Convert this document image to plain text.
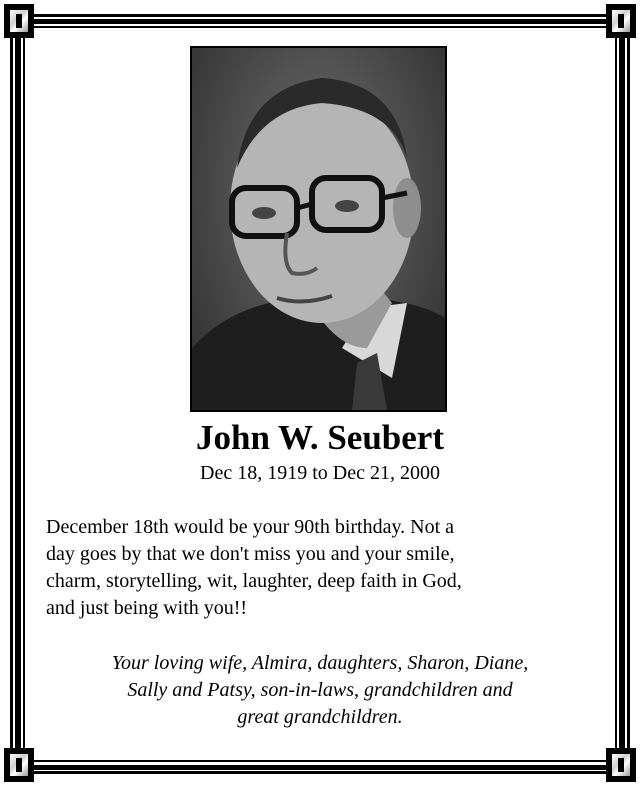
John W. Seubert
Dec 18, 1919 to Dec 21, 2000
December 18th would be your 90th birthday. Not a
day goes by that we don't miss you and your smile,
charm, storytelling, wit, laughter, deep faith in God,
and just being with you!!
Your loving wife, Almira, daughters, Sharon, Diane,
Sally and Patsy, son-in-laws, grandchildren and
great grandchildren.
